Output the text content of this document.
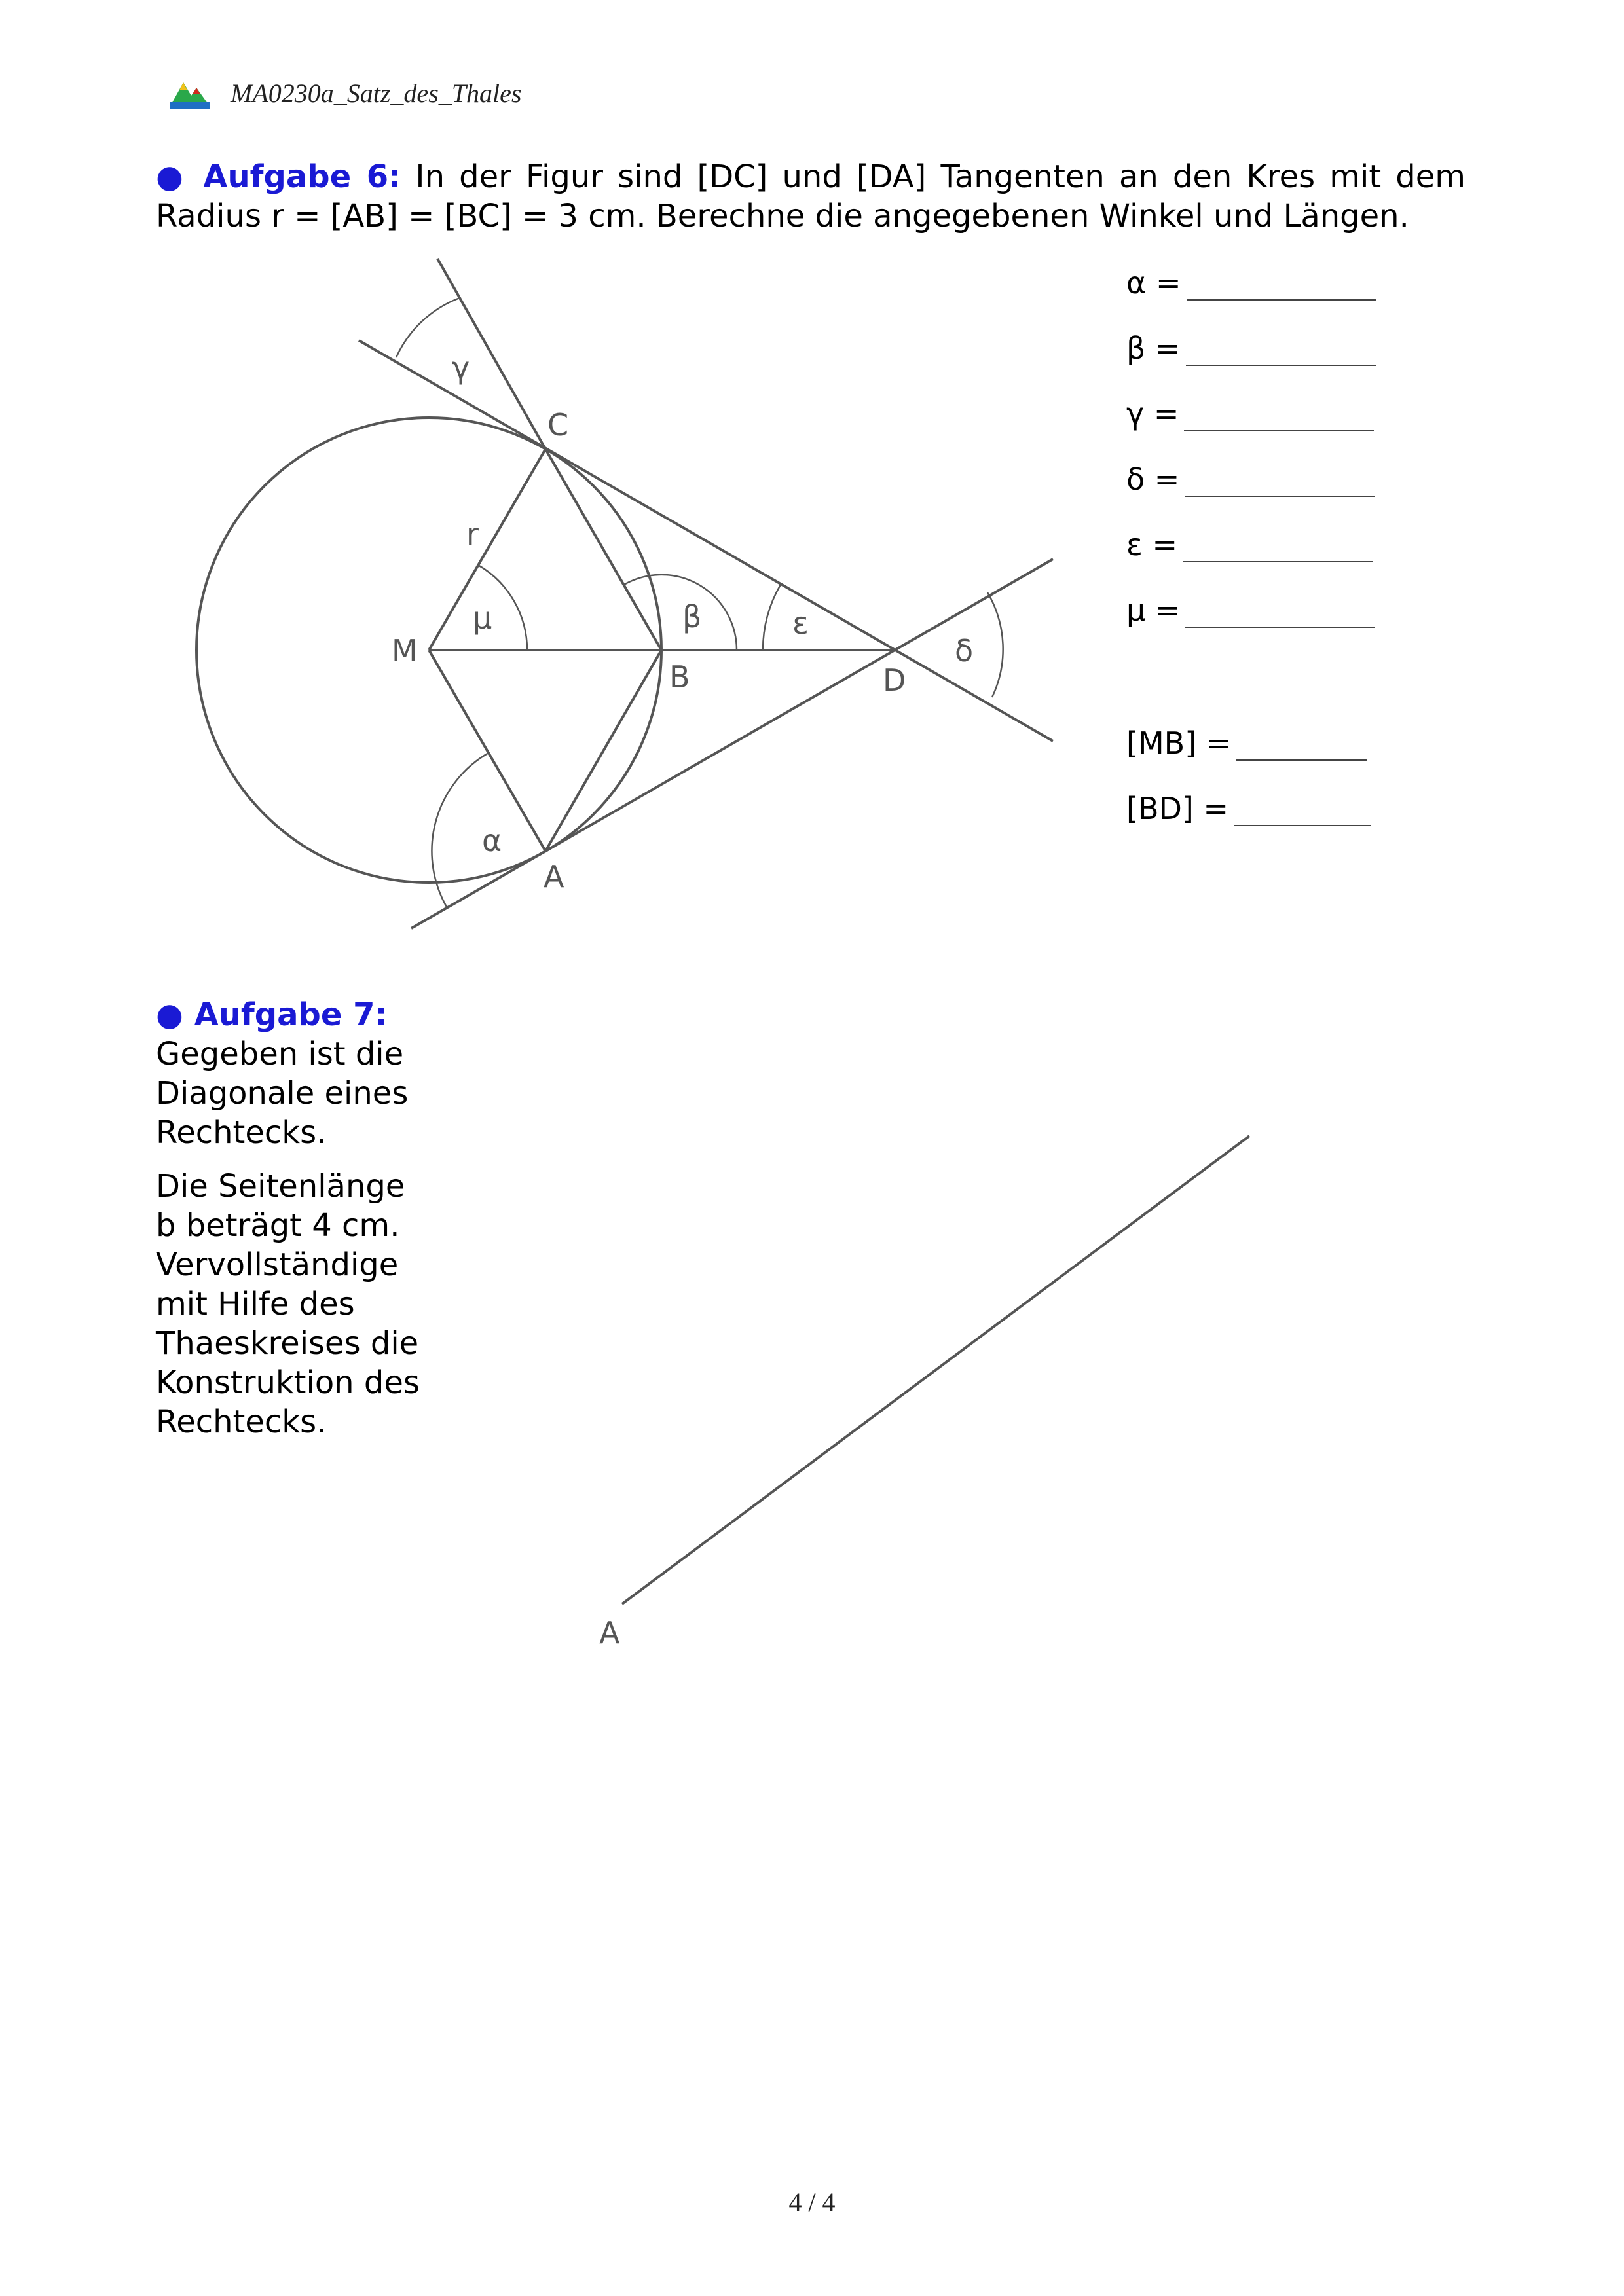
MA0230a_Satz_des_Thales
● Aufgabe 6: In der Figur sind [DC] und [DA] Tangenten an den Kres mit dem Radius r = [AB] = [BC] = 3 cm. Berechne die angegebenen Winkel und Längen.
C
M
B	D
A
r
μ	β	ε
δ
γ
α
α =
β =
γ =
δ =
ε =
μ =
[MB] =
[BD] =

● Aufgabe 7:

Gegeben ist die Diagonale eines Rechtecks.

Die Seitenlänge b beträgt 4 cm. Vervollständige mit Hilfe des Thaeskreises die Konstruktion des Rechtecks.

A
4 / 4
